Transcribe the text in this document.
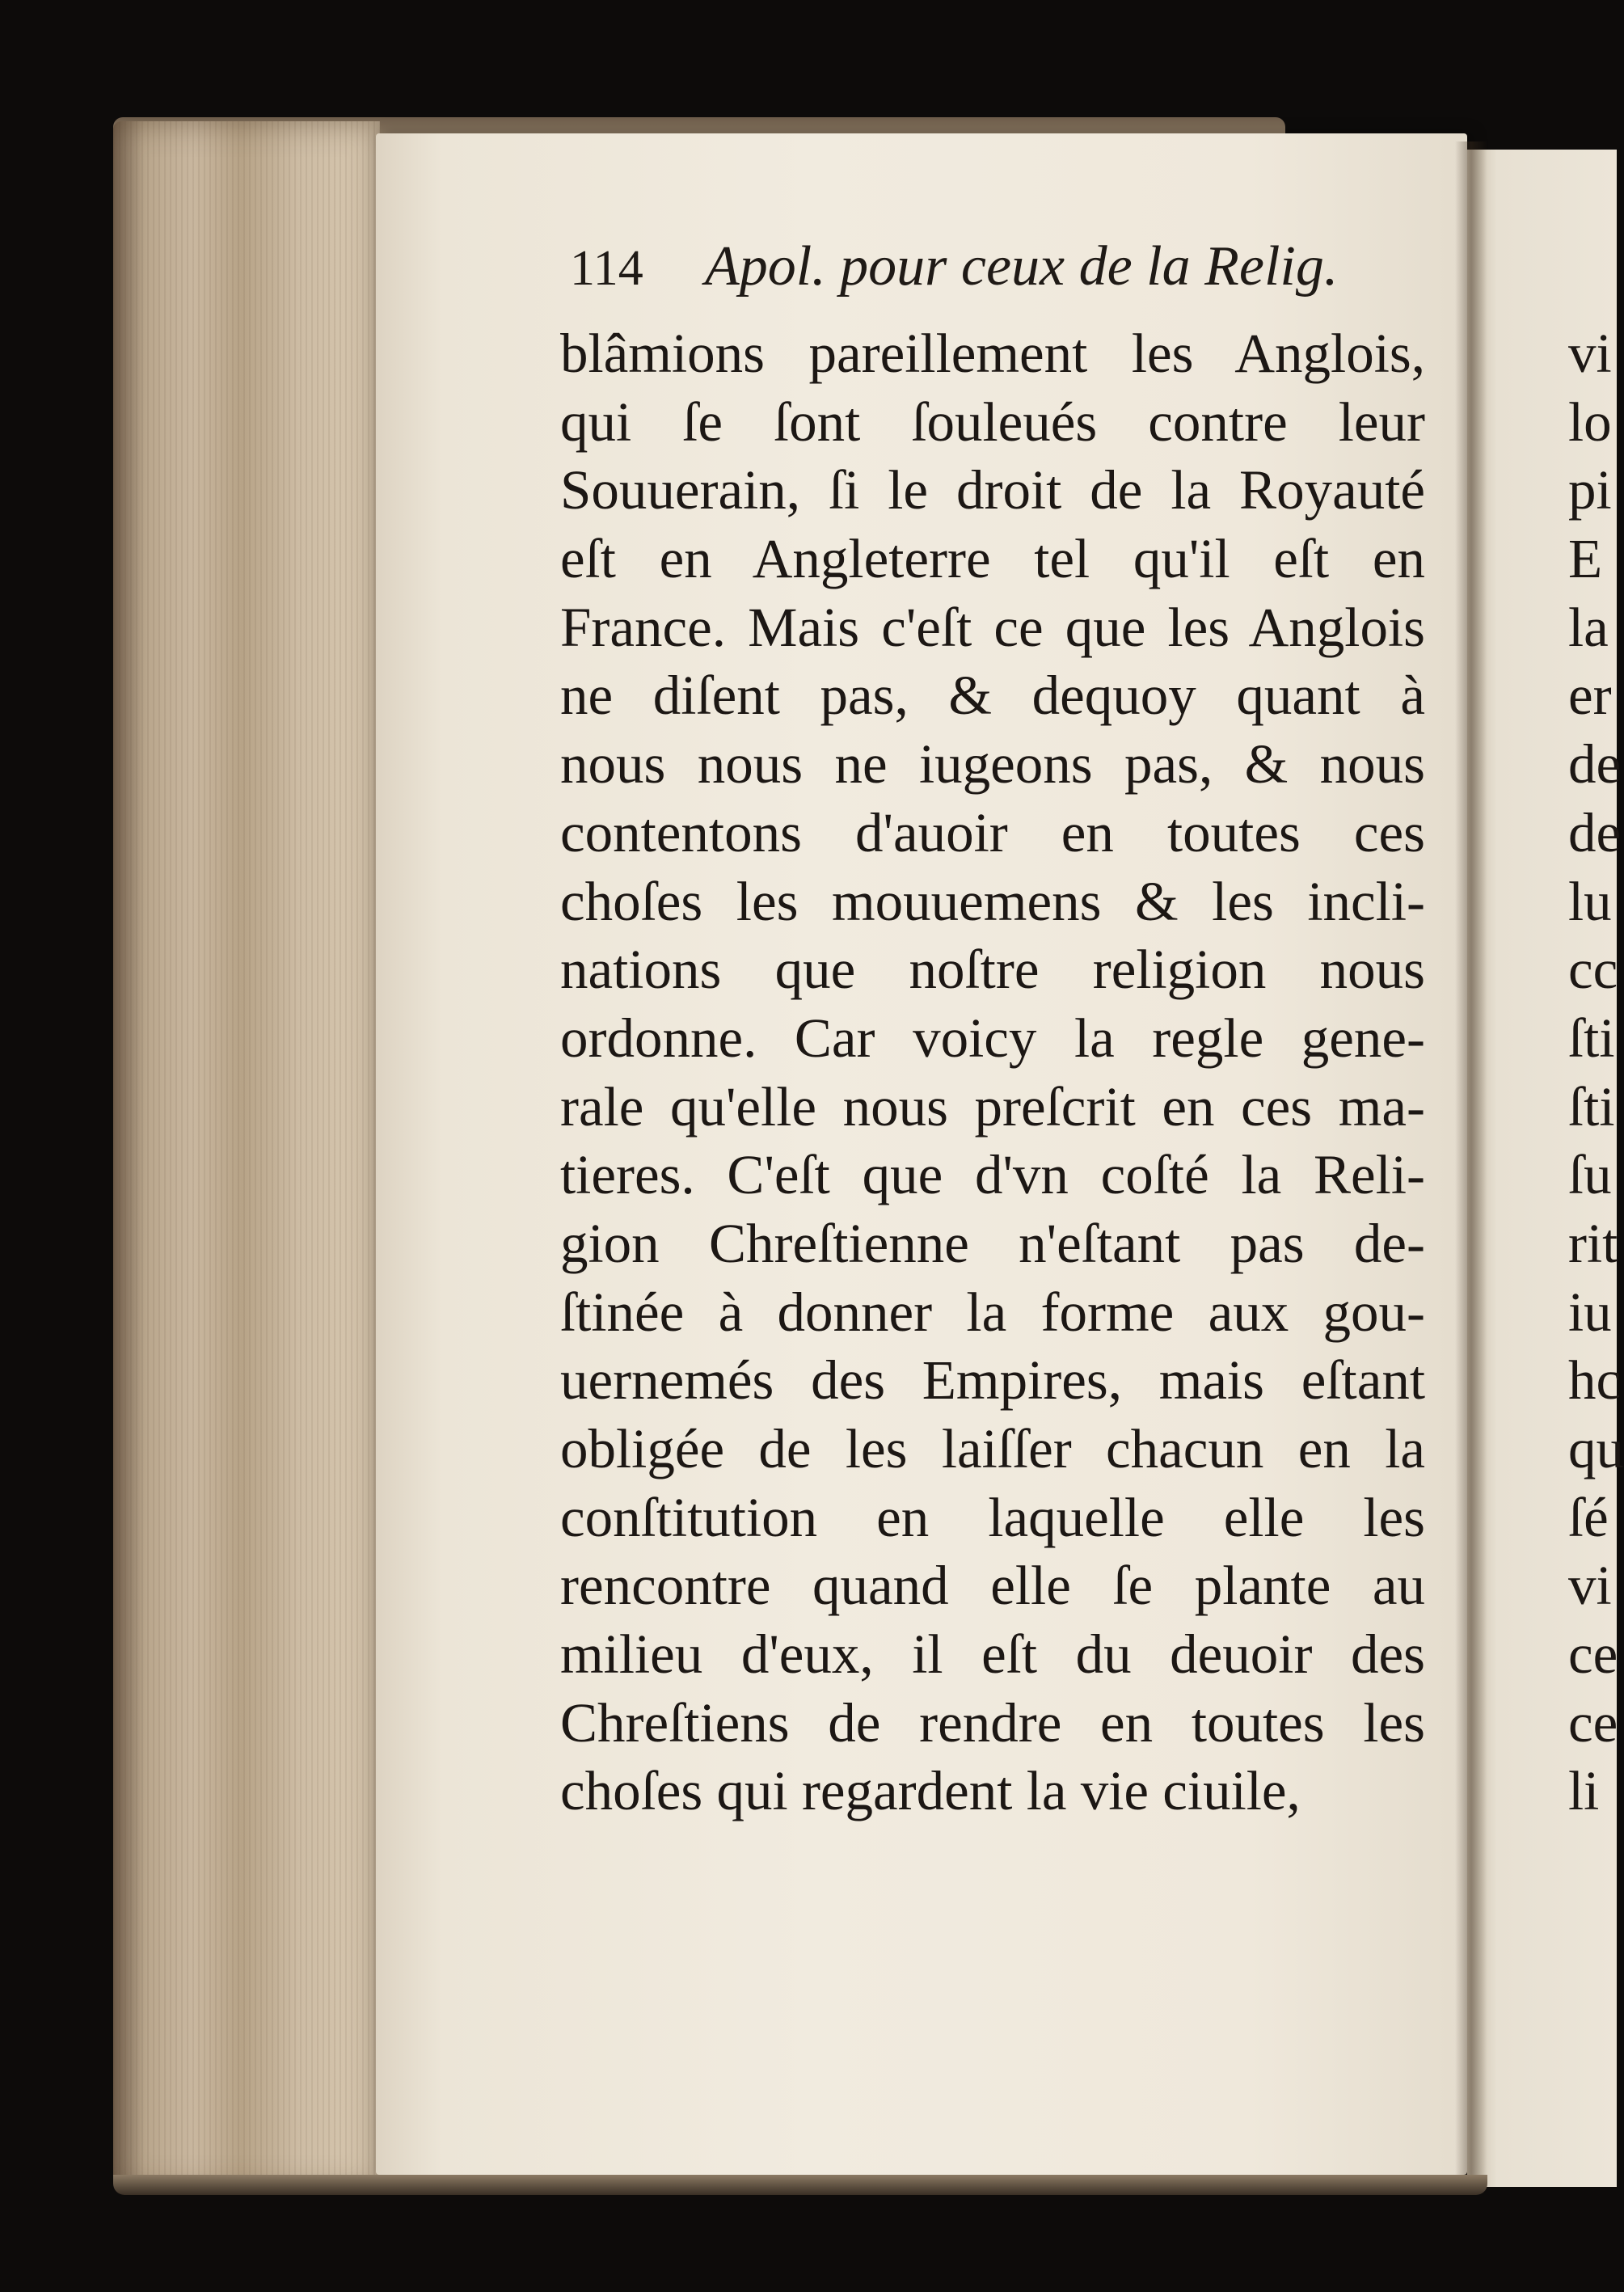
114 Apol. pour ceux de la Relig.
blâmions pareillement les Anglois,
qui ſe ſont ſouleués contre leur
Souuerain, ſi le droit de la Royauté
eſt en Angleterre tel qu'il eſt en
France. Mais c'eſt ce que les Anglois
ne diſent pas, & dequoy quant à
nous nous ne iugeons pas, & nous
contentons d'auoir en toutes ces
choſes les mouuemens & les incli-
nations que noſtre religion nous
ordonne. Car voicy la regle gene-
rale qu'elle nous preſcrit en ces ma-
tieres. C'eſt que d'vn coſté la Reli-
gion Chreſtienne n'eſtant pas de-
ſtinée à donner la forme aux gou-
uernemés des Empires, mais eſtant
obligée de les laiſſer chacun en la
conſtitution en laquelle elle les
rencontre quand elle ſe plante au
milieu d'eux, il eſt du deuoir des
Chreſtiens de rendre en toutes les
choſes qui regardent la vie ciuile,
vi
lo
pi
E
la
er
de
de
lu
cc
ſti
ſti
ſu
rit
iu
hc
qu
ſé
vi
ce
ce
li
